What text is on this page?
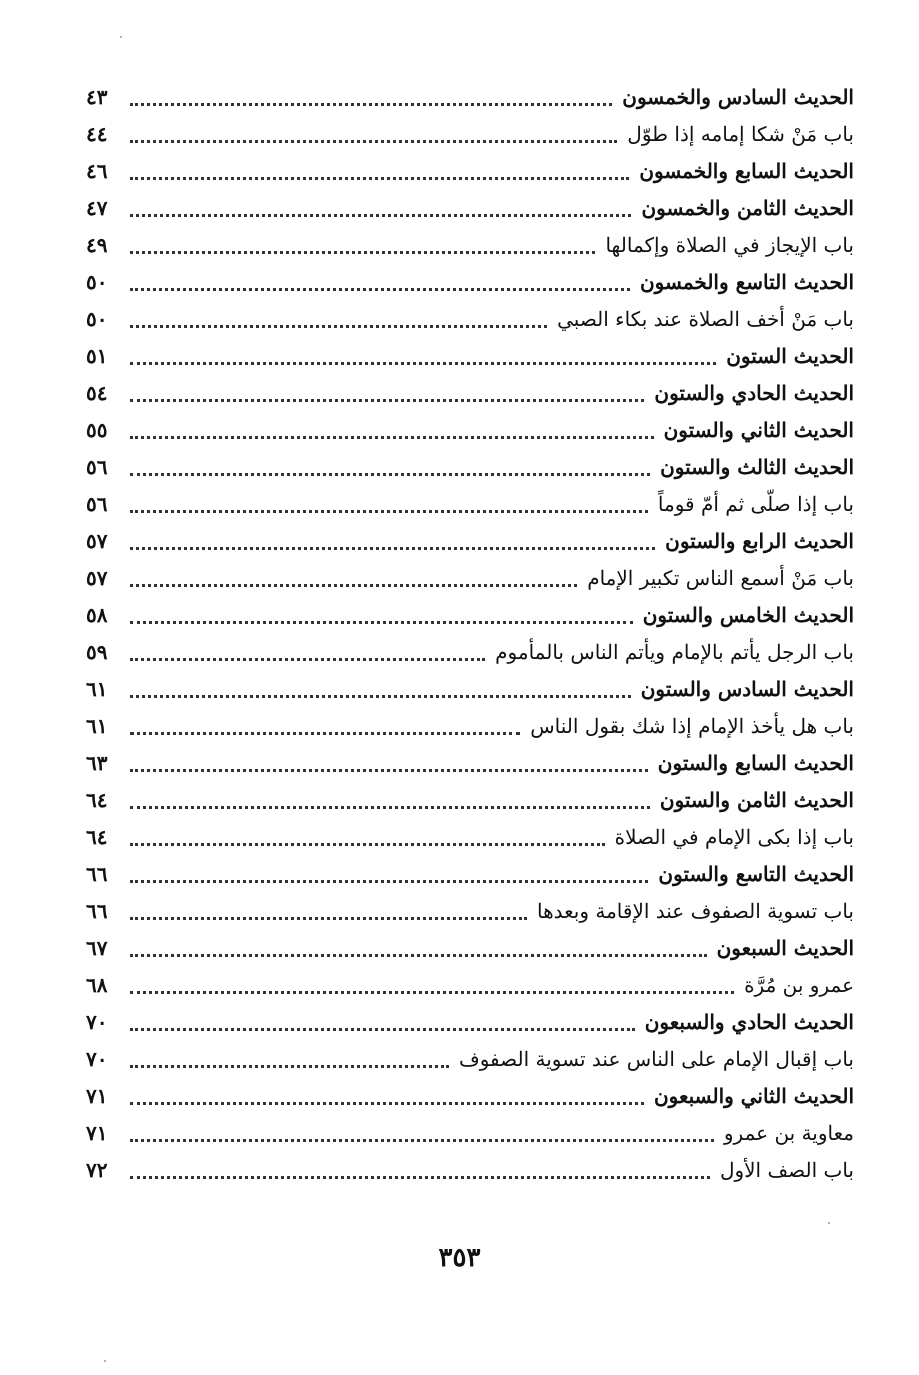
الحديث السادس والخمسون
٤٣
باب مَنْ شكا إمامه إذا طوّل
٤٤
الحديث السابع والخمسون
٤٦
الحديث الثامن والخمسون
٤٧
باب الإيجاز في الصلاة وإكمالها
٤٩
الحديث التاسع والخمسون
٥٠
باب مَنْ أخف الصلاة عند بكاء الصبي
٥٠
الحديث الستون
٥١
الحديث الحادي والستون
٥٤
الحديث الثاني والستون
٥٥
الحديث الثالث والستون
٥٦
باب إذا صلّى ثم أمّ قوماً
٥٦
الحديث الرابع والستون
٥٧
باب مَنْ أسمع الناس تكبير الإمام
٥٧
الحديث الخامس والستون
٥٨
باب الرجل يأتم بالإمام ويأتم الناس بالمأموم
٥٩
الحديث السادس والستون
٦١
باب هل يأخذ الإمام إذا شك بقول الناس
٦١
الحديث السابع والستون
٦٣
الحديث الثامن والستون
٦٤
باب إذا بكى الإمام في الصلاة
٦٤
الحديث التاسع والستون
٦٦
باب تسوية الصفوف عند الإقامة وبعدها
٦٦
الحديث السبعون
٦٧
عمرو بن مُرَّة
٦٨
الحديث الحادي والسبعون
٧٠
باب إقبال الإمام على الناس عند تسوية الصفوف
٧٠
الحديث الثاني والسبعون
٧١
معاوية بن عمرو
٧١
باب الصف الأول
٧٢
٣٥٣
